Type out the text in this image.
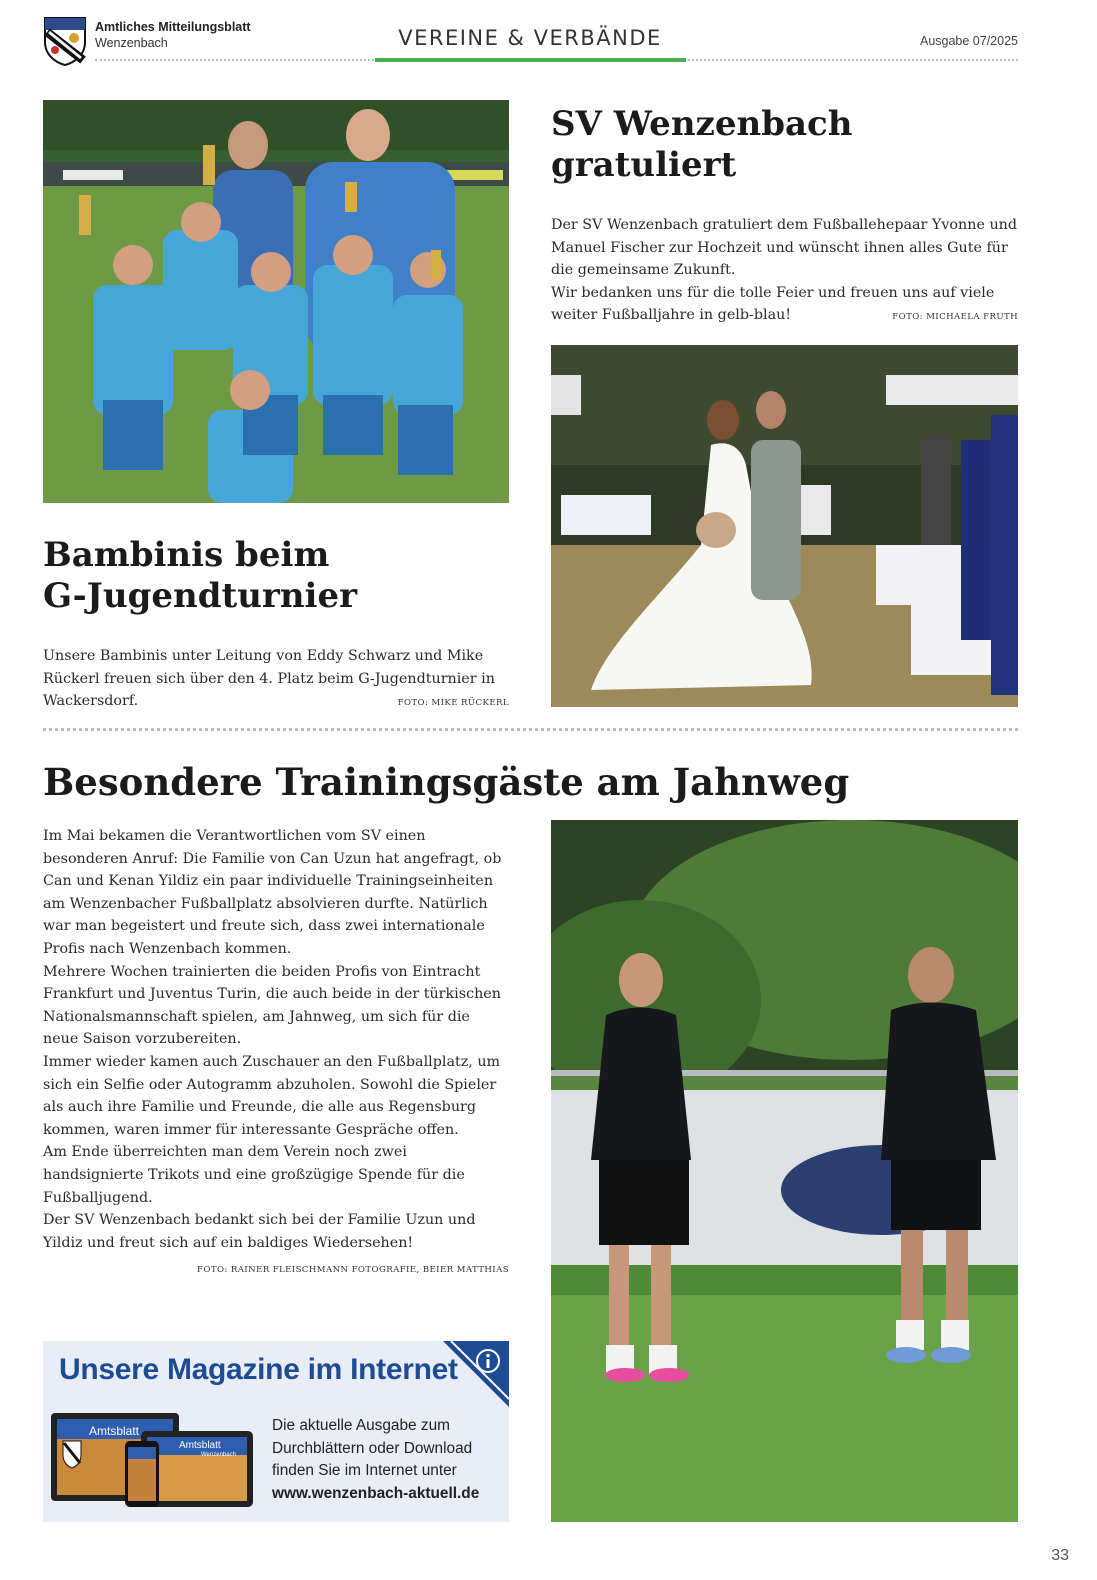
Amtliches Mitteilungsblatt
Wenzenbach	VEREINE & VERBÄNDE	Ausgabe 07/2025
Bambinis beim
G-Jugendturnier
Unsere Bambinis unter Leitung von Eddy Schwarz und Mike Rückerl freuen sich über den 4. Platz beim G-Jugendturnier in Wackersdorf.	FOTO: MIKE RÜCKERL
SV Wenzenbach
gratuliert

Der SV Wenzenbach gratuliert dem Fußballehepaar Yvonne und Manuel Fischer zur Hochzeit und wünscht ihnen alles Gute für die gemeinsame Zukunft.

Wir bedanken uns für die tolle Feier und freuen uns auf viele weiter Fußballjahre in gelb-blau!	FOTO: MICHAELA FRUTH
Besondere Trainingsgäste am Jahnweg

Im Mai bekamen die Verantwortlichen vom SV einen besonderen Anruf: Die Familie von Can Uzun hat angefragt, ob Can und Kenan Yildiz ein paar individuelle Trainingseinheiten am Wenzenbacher Fußballplatz absolvieren durfte. Natürlich war man begeistert und freute sich, dass zwei internationale Profis nach Wenzenbach kommen.

Mehrere Wochen trainierten die beiden Profis von Eintracht Frankfurt und Juventus Turin, die auch beide in der türkischen Nationalsmannschaft spielen, am Jahnweg, um sich für die neue Saison vorzubereiten.

Immer wieder kamen auch Zuschauer an den Fußballplatz, um sich ein Selfie oder Autogramm abzuholen. Sowohl die Spieler als auch ihre Familie und Freunde, die alle aus Regensburg kommen, waren immer für interessante Gespräche offen.

Am Ende überreichten man dem Verein noch zwei handsignierte Trikots und eine großzügige Spende für die Fußballjugend.

Der SV Wenzenbach bedankt sich bei der Familie Uzun und Yildiz und freut sich auf ein baldiges Wiedersehen!

FOTO: RAINER FLEISCHMANN FOTOGRAFIE, BEIER MATTHIAS
Unsere Magazine im Internet
Amtsblatt
Amtsblatt
Wenzenbach
Die aktuelle Ausgabe zum
Durchblättern oder Download
finden Sie im Internet unter
www.wenzenbach-aktuell.de
33
